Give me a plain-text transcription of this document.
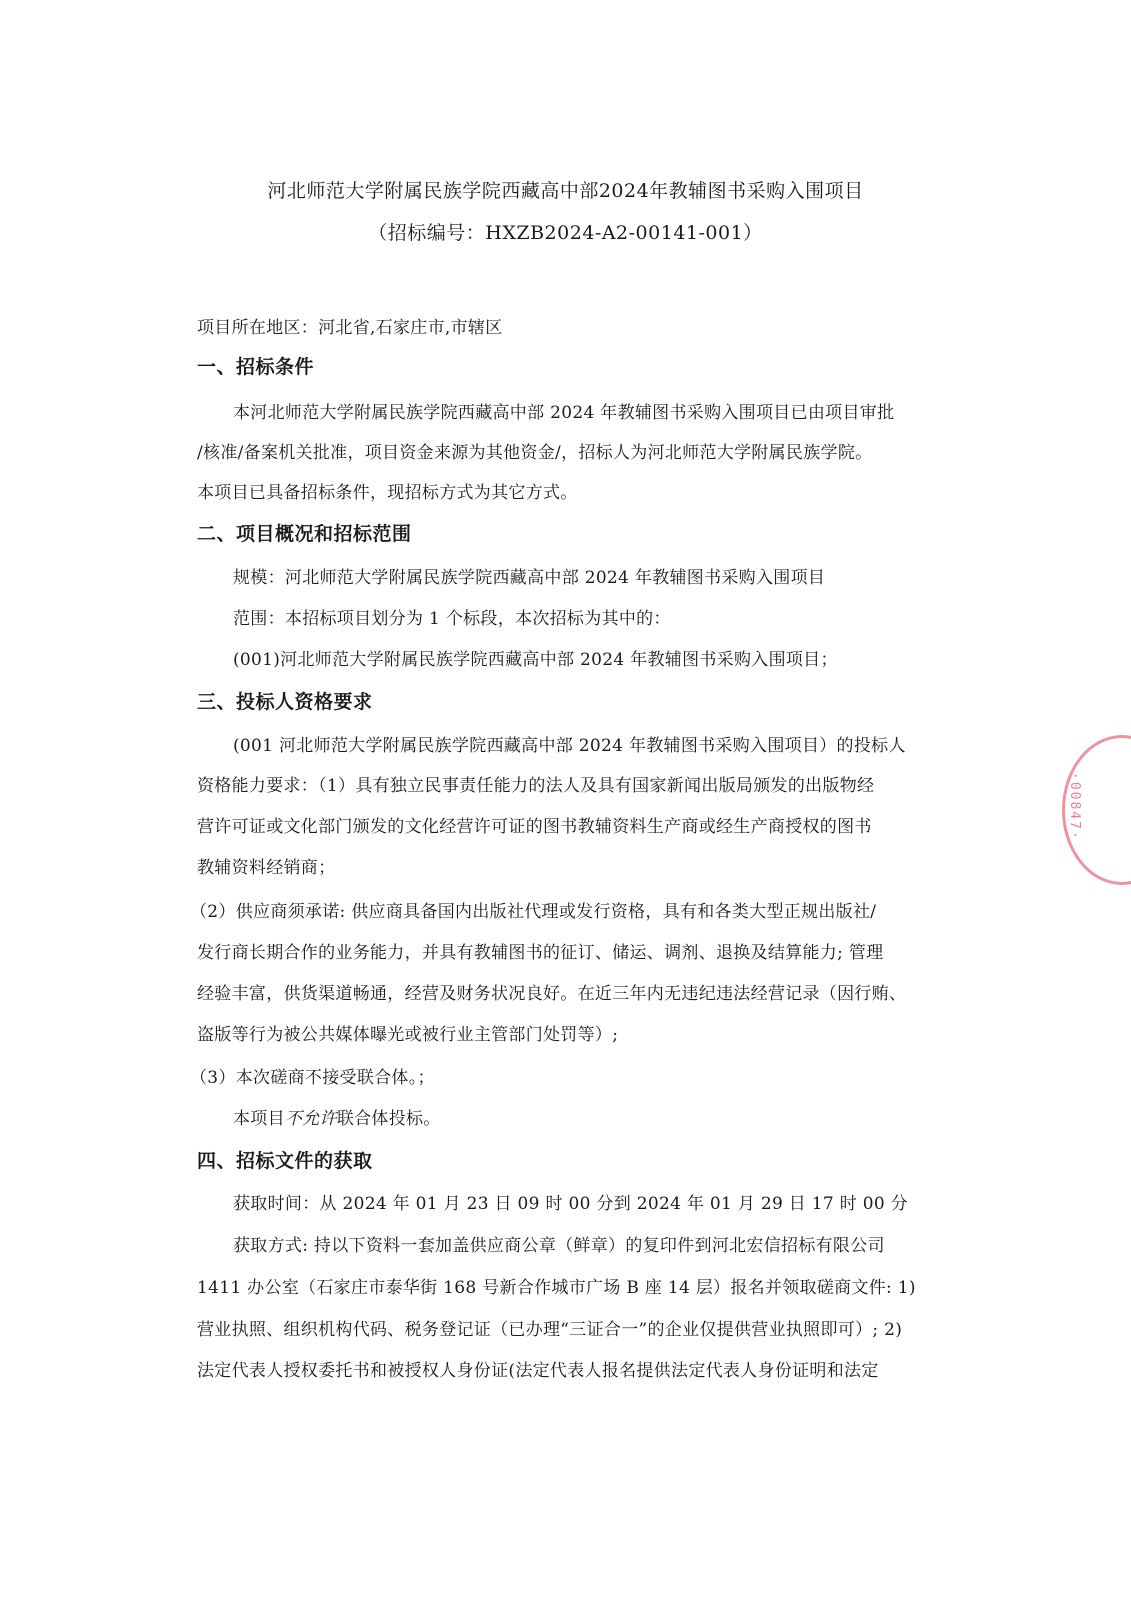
河北师范大学附属民族学院西藏高中部2024年教辅图书采购入围项目
（招标编号：HXZB2024-A2-00141-001）
项目所在地区：河北省,石家庄市,市辖区
一、招标条件
本河北师范大学附属民族学院西藏高中部 2024 年教辅图书采购入围项目已由项目审批
/核准/备案机关批准，项目资金来源为其他资金/，招标人为河北师范大学附属民族学院。
本项目已具备招标条件，现招标方式为其它方式。
二、项目概况和招标范围
规模：河北师范大学附属民族学院西藏高中部 2024 年教辅图书采购入围项目
范围：本招标项目划分为 1 个标段，本次招标为其中的：
(001)河北师范大学附属民族学院西藏高中部 2024 年教辅图书采购入围项目；
三、投标人资格要求
(001 河北师范大学附属民族学院西藏高中部 2024 年教辅图书采购入围项目）的投标人
资格能力要求：（1）具有独立民事责任能力的法人及具有国家新闻出版局颁发的出版物经
营许可证或文化部门颁发的文化经营许可证的图书教辅资料生产商或经生产商授权的图书
教辅资料经销商；
（2）供应商须承诺: 供应商具备国内出版社代理或发行资格，具有和各类大型正规出版社/
发行商长期合作的业务能力，并具有教辅图书的征订、储运、调剂、退换及结算能力; 管理
经验丰富，供货渠道畅通，经营及财务状况良好。在近三年内无违纪违法经营记录（因行贿、
盗版等行为被公共媒体曝光或被行业主管部门处罚等）;
（3）本次磋商不接受联合体。；
本项目不允许联合体投标。
四、招标文件的获取
获取时间：从 2024 年 01 月 23 日 09 时 00 分到 2024 年 01 月 29 日 17 时 00 分
获取方式: 持以下资料一套加盖供应商公章（鲜章）的复印件到河北宏信招标有限公司
1411 办公室（石家庄市泰华街 168 号新合作城市广场 B 座 14 层）报名并领取磋商文件: 1)
营业执照、组织机构代码、税务登记证（已办理“三证合一”的企业仅提供营业执照即可）; 2)
法定代表人授权委托书和被授权人身份证(法定代表人报名提供法定代表人身份证明和法定
·00847·
